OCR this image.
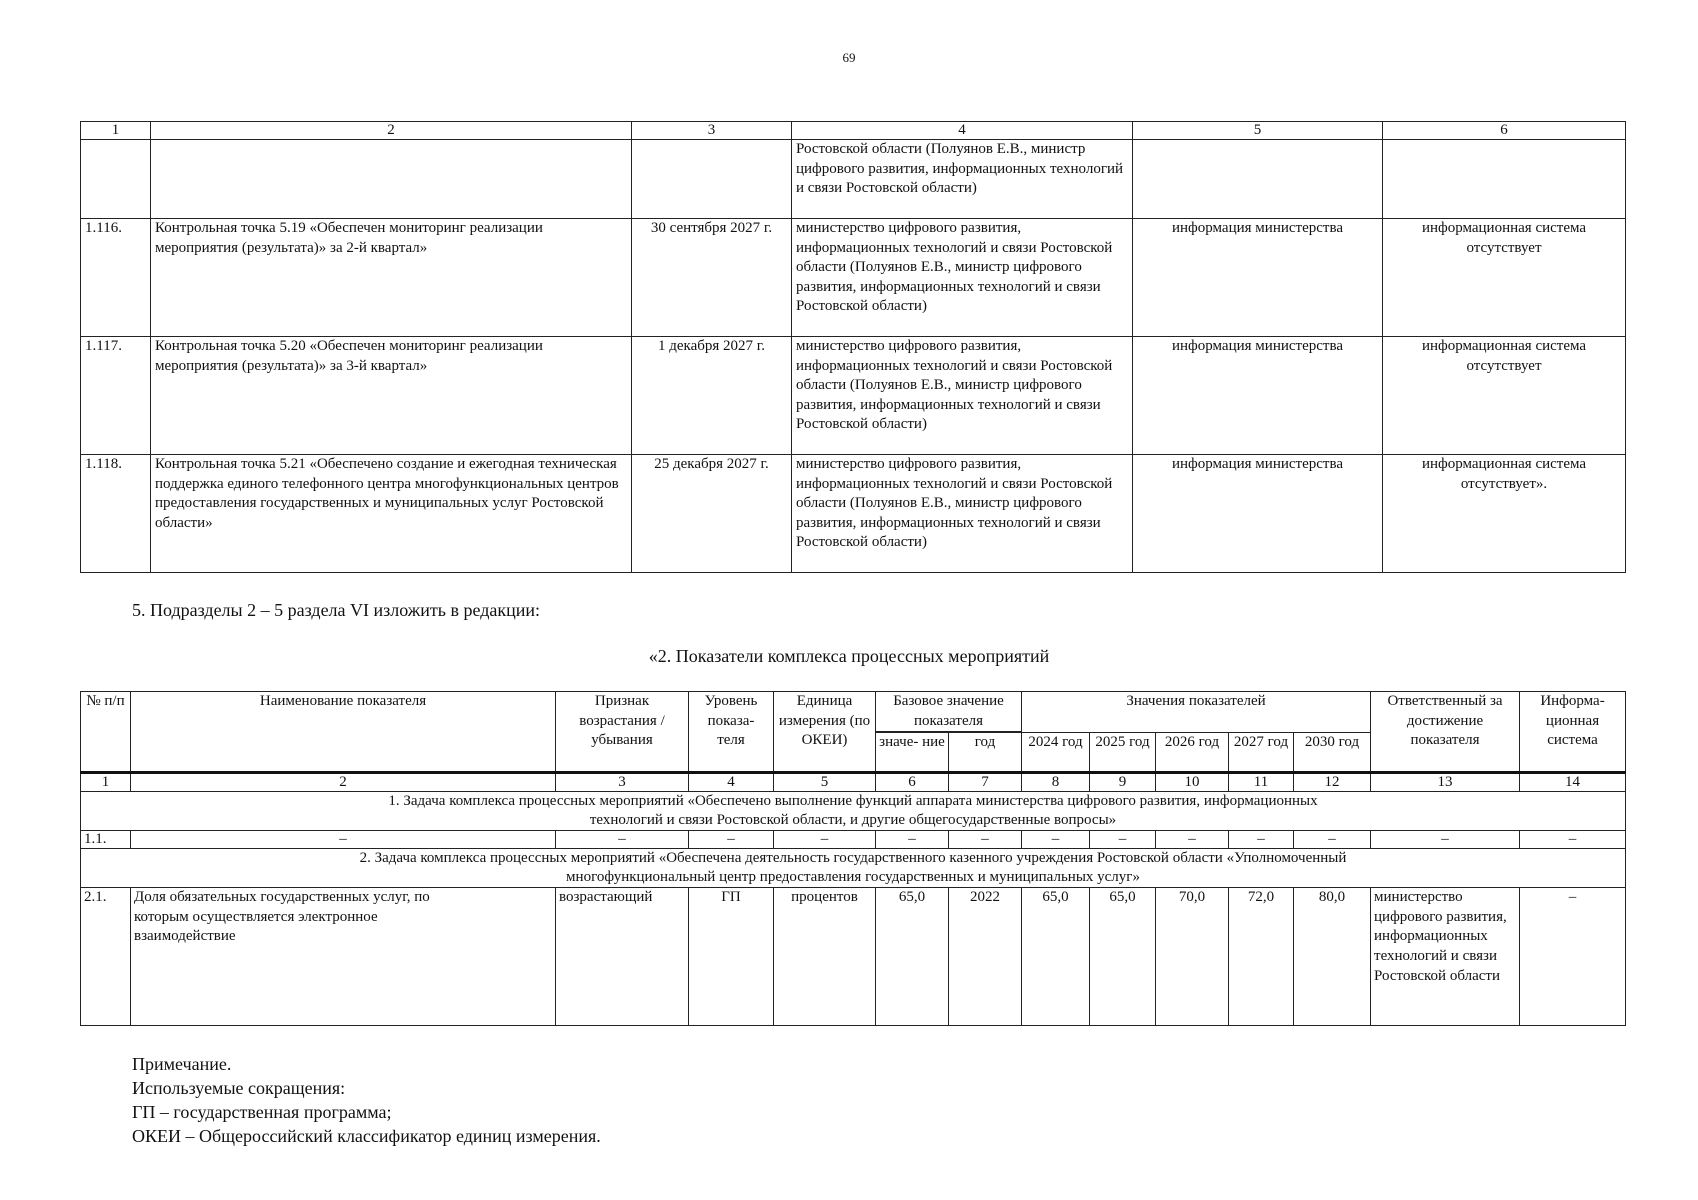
69
1	2	3	4	5	6
			Ростовской области (Полуянов Е.В., министр цифрового развития, информационных технологий и связи Ростовской области)		
1.116.	Контрольная точка 5.19 «Обеспечен мониторинг реализации мероприятия (результата)» за 2-й квартал»	30 сентября 2027 г.	министерство цифрового развития, информационных технологий и связи Ростовской области (Полуянов Е.В., министр цифрового развития, информационных технологий и связи Ростовской области)	информация министерства	информационная система отсутствует
1.117.	Контрольная точка 5.20 «Обеспечен мониторинг реализации мероприятия (результата)» за 3-й квартал»	1 декабря 2027 г.	министерство цифрового развития, информационных технологий и связи Ростовской области (Полуянов Е.В., министр цифрового развития, информационных технологий и связи Ростовской области)	информация министерства	информационная система отсутствует
1.118.	Контрольная точка 5.21 «Обеспечено создание и ежегодная техническая поддержка единого телефонного центра многофункциональных центров предоставления государственных и муниципальных услуг Ростовской области»	25 декабря 2027 г.	министерство цифрового развития, информационных технологий и связи Ростовской области (Полуянов Е.В., министр цифрового развития, информационных технологий и связи Ростовской области)	информация министерства	информационная система отсутствует».
5. Подразделы 2 – 5 раздела VI изложить в редакции:
«2. Показатели комплекса процессных мероприятий
№ п/п	Наименование показателя	Признак возрастания / убывания	Уровень показа- теля	Единица измерения (по ОКЕИ)	Базовое значение показателя		Значения показателей					Ответственный за достижение показателя	Информа- ционная система

					значе- ние	год	2024 год	2025 год	2026 год	2027 год	2030 год		
1	2	3	4	5	6	7	8	9	10	11	12	13	14
1. Задача комплекса процессных мероприятий «Обеспечено выполнение функций аппарата министерства цифрового развития, информационных технологий и связи Ростовской области, и другие общегосударственные вопросы»													
1.1.	–	–	–	–	–	–	–	–	–	–	–	–	–
2. Задача комплекса процессных мероприятий «Обеспечена деятельность государственного казенного учреждения Ростовской области «Уполномоченный многофункциональный центр предоставления государственных и муниципальных услуг»													
2.1.	Доля обязательных государственных услуг, по которым осуществляется электронное взаимодействие	возрастающий	ГП	процентов	65,0	2022	65,0	65,0	70,0	72,0	80,0	министерство цифрового развития, информационных технологий и связи Ростовской области	–
Примечание.
Используемые сокращения:
ГП – государственная программа;
ОКЕИ – Общероссийский классификатор единиц измерения.
